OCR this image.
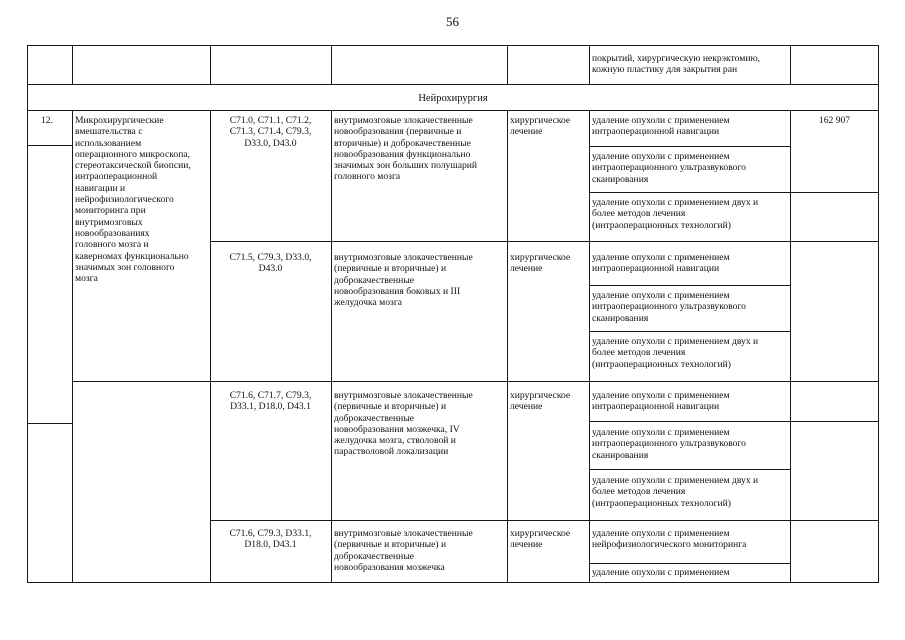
56
покрытий, хирургическую некрэктомию,
кожную пластику для закрытия ран
Нейрохирургия
12.	Микрохирургические
вмешательства с
использованием
операционного микроскопа,
стереотаксической биопсии,
интраоперационной
навигации и
нейрофизиологического
мониторинга при
внутримозговых
новообразованиях
головного мозга и
каверномах функционально
значимых зон головного
мозга
162 907
C71.0, C71.1, C71.2,
C71.3, C71.4, C79.3,
D33.0, D43.0
внутримозговые злокачественные
новообразования (первичные и
вторичные) и доброкачественные
новообразования функционально
значимых зон больших полушарий
головного мозга
хирургическое
лечение
удаление опухоли с применением
интраоперационной навигации
удаление опухоли с применением
интраоперационного ультразвукового
сканирования
удаление опухоли с применением двух и
более методов лечения
(интраоперационных технологий)
C71.5, C79.3, D33.0,
D43.0
внутримозговые злокачественные
(первичные и вторичные) и
доброкачественные
новообразования боковых и III
желудочка мозга
хирургическое
лечение
удаление опухоли с применением
интраоперационной навигации
удаление опухоли с применением
интраоперационного ультразвукового
сканирования
удаление опухоли с применением двух и
более методов лечения
(интраоперационных технологий)
C71.6, C71.7, C79.3,
D33.1, D18.0, D43.1
внутримозговые злокачественные
(первичные и вторичные) и
доброкачественные
новообразования мозжечка, IV
желудочка мозга, стволовой и
парастволовой локализации
хирургическое
лечение
удаление опухоли с применением
интраоперационной навигации
удаление опухоли с применением
интраоперационного ультразвукового
сканирования
удаление опухоли с применением двух и
более методов лечения
(интраоперационных технологий)
C71.6, C79.3, D33.1,
D18.0, D43.1
внутримозговые злокачественные
(первичные и вторичные) и
доброкачественные
новообразования мозжечка
хирургическое
лечение
удаление опухоли с применением
нейрофизиологического мониторинга
удаление опухоли с применением
